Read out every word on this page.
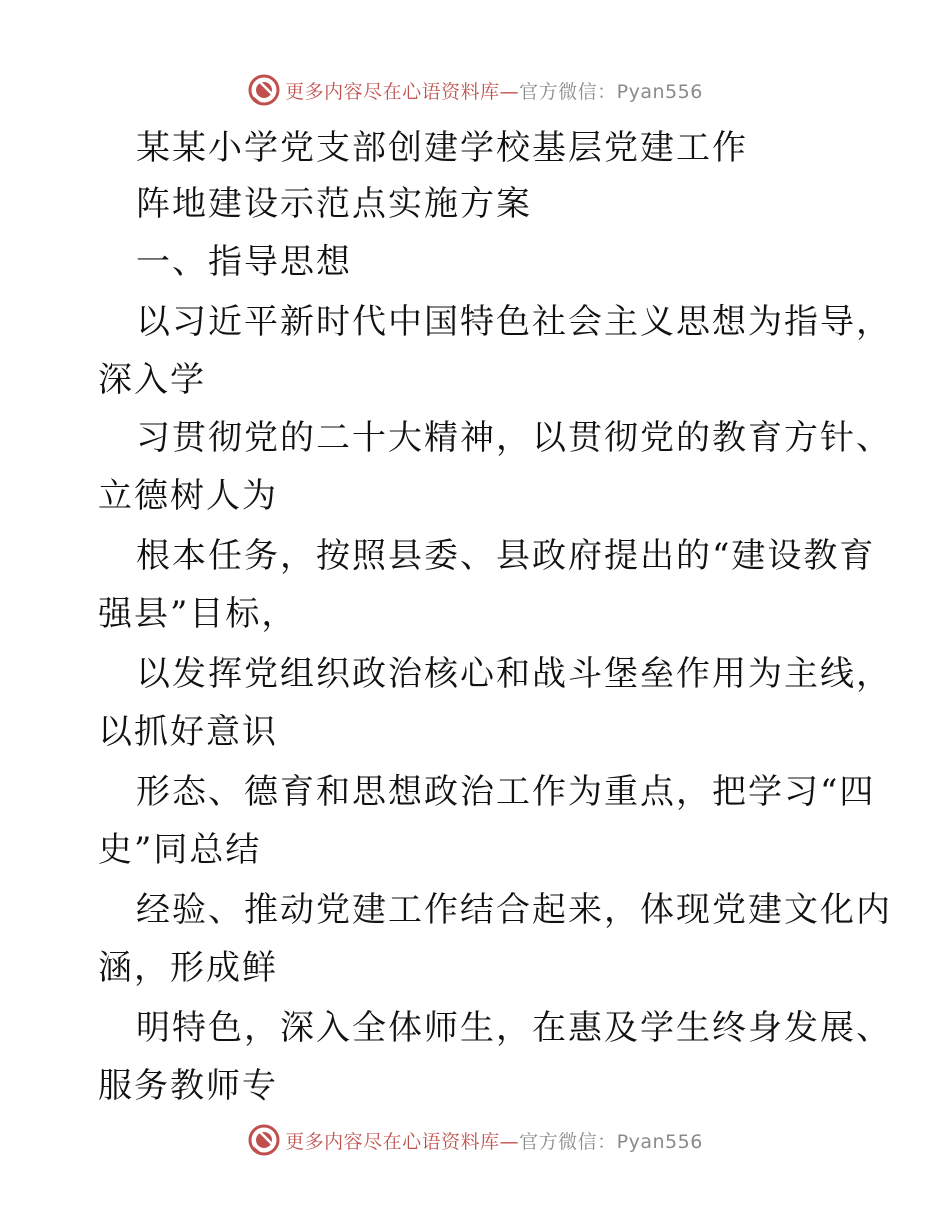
更多内容尽在心语资料库—官方微信：Pyan556
某某小学党支部创建学校基层党建工作
阵地建设示范点实施方案
一、指导思想
以习近平新时代中国特色社会主义思想为指导，
深入学
习贯彻党的二十大精神，以贯彻党的教育方针、
立德树人为
根本任务，按照县委、县政府提出的“建设教育
强县”目标，
以发挥党组织政治核心和战斗堡垒作用为主线，
以抓好意识
形态、德育和思想政治工作为重点，把学习“四
史”同总结
经验、推动党建工作结合起来，体现党建文化内
涵，形成鲜
明特色，深入全体师生，在惠及学生终身发展、
服务教师专
更多内容尽在心语资料库—官方微信：Pyan556
